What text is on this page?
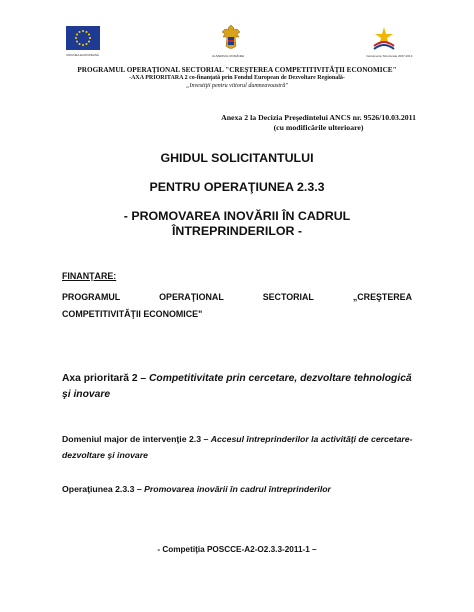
UNIUNEA EUROPEANĂ	GUVERNUL ROMÂNIEI	Instrumente Structurale 2007-2013
PROGRAMUL OPERAŢIONAL SECTORIAL "CREŞTEREA COMPETITIVITĂŢII ECONOMICE"
-AXA PRIORITARA 2 co-finanţată prin Fondul European de Dezvoltare Regională-
„Investiţii pentru viitorul dumneavoastră"
Anexa 2 la Decizia Preşedintelui ANCS nr. 9526/10.03.2011
(cu modificările ulterioare)
GHIDUL SOLICITANTULUI
PENTRU OPERAŢIUNEA 2.3.3
- PROMOVAREA INOVĂRII ÎN CADRUL
ÎNTREPRINDERILOR -
FINANŢARE:
PROGRAMUL	OPERAŢIONAL	SECTORIAL	„CREŞTEREA
COMPETITIVITĂŢII ECONOMICE"
Axa prioritară 2 – Competitivitate prin cercetare, dezvoltare tehnologică şi inovare
Domeniul major de intervenţie 2.3 – Accesul întreprinderilor la activităţi de cercetare-dezvoltare şi inovare
Operaţiunea 2.3.3 – Promovarea inovării în cadrul întreprinderilor
- Competiţia POSCCE-A2-O2.3.3-2011-1 –
